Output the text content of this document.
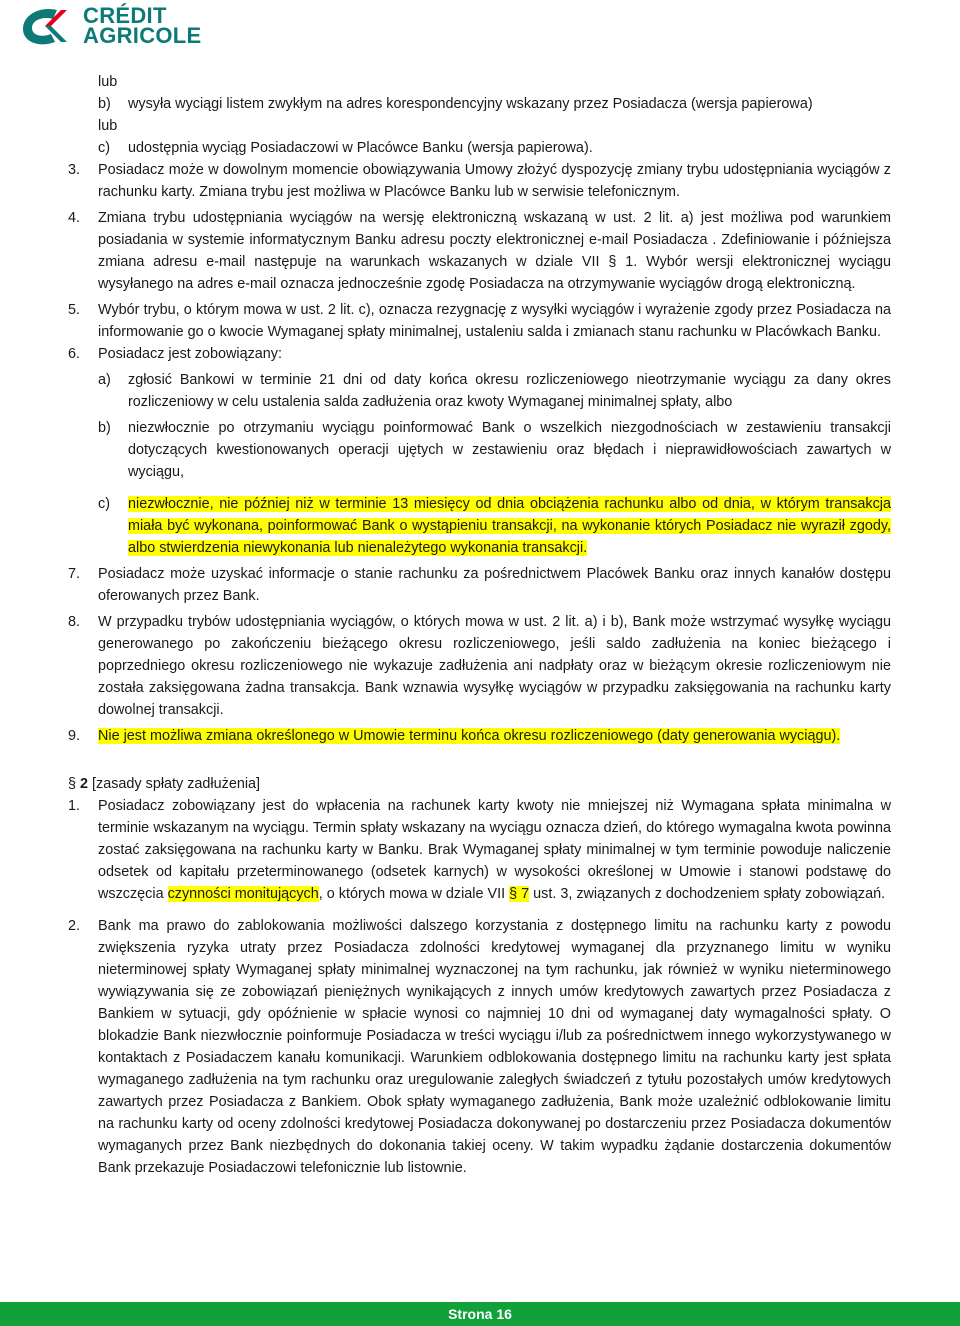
CRÉDIT
AGRICOLE
lub
b)	wysyła wyciągi listem zwykłym na adres korespondencyjny wskazany przez Posiadacza (wersja papierowa)
lub
c)	udostępnia wyciąg Posiadaczowi w Placówce Banku (wersja papierowa).
3.	Posiadacz może w dowolnym momencie obowiązywania Umowy złożyć dyspozycję zmiany trybu udostępniania wyciągów z rachunku karty. Zmiana trybu jest możliwa w Placówce Banku lub w serwisie telefonicznym.
4.	Zmiana trybu udostępniania wyciągów na wersję elektroniczną wskazaną w ust. 2 lit. a) jest możliwa pod warunkiem posiadania w systemie informatycznym Banku adresu poczty elektronicznej e-mail Posiadacza . Zdefiniowanie i późniejsza zmiana adresu e-mail następuje na warunkach wskazanych w dziale VII § 1. Wybór wersji elektronicznej wyciągu wysyłanego na adres e-mail oznacza jednocześnie zgodę Posiadacza na otrzymywanie wyciągów drogą elektroniczną.
5.	Wybór trybu, o którym mowa w ust. 2 lit. c), oznacza rezygnację z wysyłki wyciągów i wyrażenie zgody przez Posiadacza na informowanie go o kwocie Wymaganej spłaty minimalnej, ustaleniu salda i zmianach stanu rachunku w Placówkach Banku.
6.	Posiadacz jest zobowiązany:
a)	zgłosić Bankowi w terminie 21 dni od daty końca okresu rozliczeniowego nieotrzymanie wyciągu za dany okres rozliczeniowy w celu ustalenia salda zadłużenia oraz kwoty Wymaganej minimalnej spłaty, albo
b)	niezwłocznie po otrzymaniu wyciągu poinformować Bank o wszelkich niezgodnościach w zestawieniu transakcji dotyczących kwestionowanych operacji ujętych w zestawieniu oraz błędach i nieprawidłowościach zawartych w wyciągu,
c)	niezwłocznie, nie później niż w terminie 13 miesięcy od dnia obciążenia rachunku albo od dnia, w którym transakcja miała być wykonana, poinformować Bank o wystąpieniu transakcji, na wykonanie których Posiadacz nie wyraził zgody, albo stwierdzenia niewykonania lub nienależytego wykonania transakcji.
7.	Posiadacz może uzyskać informacje o stanie rachunku za pośrednictwem Placówek Banku oraz innych kanałów dostępu oferowanych przez Bank.
8.	W przypadku trybów udostępniania wyciągów, o których mowa w ust. 2 lit. a) i b), Bank może wstrzymać wysyłkę wyciągu generowanego po zakończeniu bieżącego okresu rozliczeniowego, jeśli saldo zadłużenia na koniec bieżącego i poprzedniego okresu rozliczeniowego nie wykazuje zadłużenia ani nadpłaty oraz w bieżącym okresie rozliczeniowym nie została zaksięgowana żadna transakcja. Bank wznawia wysyłkę wyciągów w przypadku zaksięgowania na rachunku karty dowolnej transakcji.
9.	Nie jest możliwa zmiana określonego w Umowie terminu końca okresu rozliczeniowego (daty generowania wyciągu).
§ 2 [zasady spłaty zadłużenia]
1.	Posiadacz zobowiązany jest do wpłacenia na rachunek karty kwoty nie mniejszej niż Wymagana spłata minimalna w terminie wskazanym na wyciągu. Termin spłaty wskazany na wyciągu oznacza dzień, do którego wymagalna kwota powinna zostać zaksięgowana na rachunku karty w Banku. Brak Wymaganej spłaty minimalnej w tym terminie powoduje naliczenie odsetek od kapitału przeterminowanego (odsetek karnych) w wysokości określonej w Umowie i stanowi podstawę do wszczęcia czynności monitujących, o których mowa w dziale VII § 7 ust. 3, związanych z dochodzeniem spłaty zobowiązań.
2.	Bank ma prawo do zablokowania możliwości dalszego korzystania z dostępnego limitu na rachunku karty z powodu zwiększenia ryzyka utraty przez Posiadacza zdolności kredytowej wymaganej dla przyznanego limitu w wyniku nieterminowej spłaty Wymaganej spłaty minimalnej wyznaczonej na tym rachunku, jak również w wyniku nieterminowego wywiązywania się ze zobowiązań pieniężnych wynikających z innych umów kredytowych zawartych przez Posiadacza z Bankiem w sytuacji, gdy opóźnienie w spłacie wynosi co najmniej 10 dni od wymaganej daty wymagalności spłaty. O blokadzie Bank niezwłocznie poinformuje Posiadacza w treści wyciągu i/lub za pośrednictwem innego wykorzystywanego w kontaktach z Posiadaczem kanału komunikacji. Warunkiem odblokowania dostępnego limitu na rachunku karty jest spłata wymaganego zadłużenia na tym rachunku oraz uregulowanie zaległych świadczeń z tytułu pozostałych umów kredytowych zawartych przez Posiadacza z Bankiem. Obok spłaty wymaganego zadłużenia, Bank może uzależnić odblokowanie limitu na rachunku karty od oceny zdolności kredytowej Posiadacza dokonywanej po dostarczeniu przez Posiadacza dokumentów wymaganych przez Bank niezbędnych do dokonania takiej oceny. W takim wypadku żądanie dostarczenia dokumentów Bank przekazuje Posiadaczowi telefonicznie lub listownie.
Strona 16
